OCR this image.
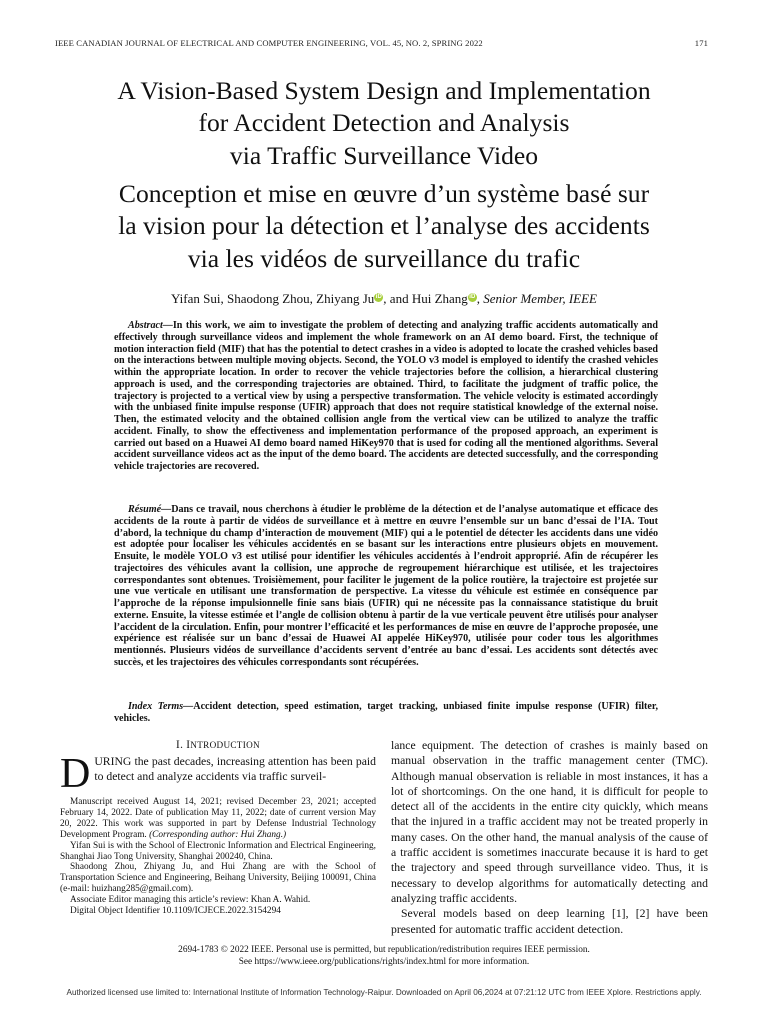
IEEE CANADIAN JOURNAL OF ELECTRICAL AND COMPUTER ENGINEERING, VOL. 45, NO. 2, SPRING 2022	171
A Vision-Based System Design and Implementation
for Accident Detection and Analysis
via Traffic Surveillance Video
Conception et mise en œuvre d’un système basé sur
la vision pour la détection et l’analyse des accidents
via les vidéos de surveillance du trafic
Yifan Sui, Shaodong Zhou, Zhiyang Ju iD , and Hui Zhang iD , Senior Member, IEEE

Abstract—In this work, we aim to investigate the problem of detecting and analyzing traffic accidents automatically and effectively through surveillance videos and implement the whole framework on an AI demo board. First, the technique of motion interaction field (MIF) that has the potential to detect crashes in a video is adopted to locate the crashed vehicles based on the interactions between multiple moving objects. Second, the YOLO v3 model is employed to identify the crashed vehicles within the appropriate location. In order to recover the vehicle trajectories before the collision, a hierarchical clustering approach is used, and the corresponding trajectories are obtained. Third, to facilitate the judgment of traffic police, the trajectory is projected to a vertical view by using a perspective transformation. The vehicle velocity is estimated accordingly with the unbiased finite impulse response (UFIR) approach that does not require statistical knowledge of the external noise. Then, the estimated velocity and the obtained collision angle from the vertical view can be utilized to analyze the traffic accident. Finally, to show the effectiveness and implementation performance of the proposed approach, an experiment is carried out based on a Huawei AI demo board named HiKey970 that is used for coding all the mentioned algorithms. Several accident surveillance videos act as the input of the demo board. The accidents are detected successfully, and the corresponding vehicle trajectories are recovered.

Résumé—Dans ce travail, nous cherchons à étudier le problème de la détection et de l’analyse automatique et efficace des accidents de la route à partir de vidéos de surveillance et à mettre en œuvre l’ensemble sur un banc d’essai de l’IA. Tout d’abord, la technique du champ d’interaction de mouvement (MIF) qui a le potentiel de détecter les accidents dans une vidéo est adoptée pour localiser les véhicules accidentés en se basant sur les interactions entre plusieurs objets en mouvement. Ensuite, le modèle YOLO v3 est utilisé pour identifier les véhicules accidentés à l’endroit approprié. Afin de récupérer les trajectoires des véhicules avant la collision, une approche de regroupement hiérarchique est utilisée, et les trajectoires correspondantes sont obtenues. Troisièmement, pour faciliter le jugement de la police routière, la trajectoire est projetée sur une vue verticale en utilisant une transformation de perspective. La vitesse du véhicule est estimée en conséquence par l’approche de la réponse impulsionnelle finie sans biais (UFIR) qui ne nécessite pas la connaissance statistique du bruit externe. Ensuite, la vitesse estimée et l’angle de collision obtenu à partir de la vue verticale peuvent être utilisés pour analyser l’accident de la circulation. Enfin, pour montrer l’efficacité et les performances de mise en œuvre de l’approche proposée, une expérience est réalisée sur un banc d’essai de Huawei AI appelée HiKey970, utilisée pour coder tous les algorithmes mentionnés. Plusieurs vidéos de surveillance d’accidents servent d’entrée au banc d’essai. Les accidents sont détectés avec succès, et les trajectoires des véhicules correspondants sont récupérées.

Index Terms—Accident detection, speed estimation, target tracking, unbiased finite impulse response (UFIR) filter, vehicles.

I. INTRODUCTION

DURING the past decades, increasing attention has been paid to detect and analyze accidents via traffic surveil-

Manuscript received August 14, 2021; revised December 23, 2021; accepted February 14, 2022. Date of publication May 11, 2022; date of current version May 20, 2022. This work was supported in part by Defense Industrial Technology Development Program. (Corresponding author: Hui Zhang.)

Yifan Sui is with the School of Electronic Information and Electrical Engineering, Shanghai Jiao Tong University, Shanghai 200240, China.

Shaodong Zhou, Zhiyang Ju, and Hui Zhang are with the School of Transportation Science and Engineering, Beihang University, Beijing 100091, China (e-mail: huizhang285@gmail.com).

Associate Editor managing this article’s review: Khan A. Wahid.

Digital Object Identifier 10.1109/ICJECE.2022.3154294

lance equipment. The detection of crashes is mainly based on manual observation in the traffic management center (TMC). Although manual observation is reliable in most instances, it has a lot of shortcomings. On the one hand, it is difficult for people to detect all of the accidents in the entire city quickly, which means that the injured in a traffic accident may not be treated properly in many cases. On the other hand, the manual analysis of the cause of a traffic accident is sometimes inaccurate because it is hard to get the trajectory and speed through surveillance video. Thus, it is necessary to develop algorithms for automatically detecting and analyzing traffic accidents.

Several models based on deep learning [1], [2] have been presented for automatic traffic accident detection.

2694-1783 © 2022 IEEE. Personal use is permitted, but republication/redistribution requires IEEE permission.
See https://www.ieee.org/publications/rights/index.html for more information.
Authorized licensed use limited to: International Institute of Information Technology-Raipur. Downloaded on April 06,2024 at 07:21:12 UTC from IEEE Xplore. Restrictions apply.
